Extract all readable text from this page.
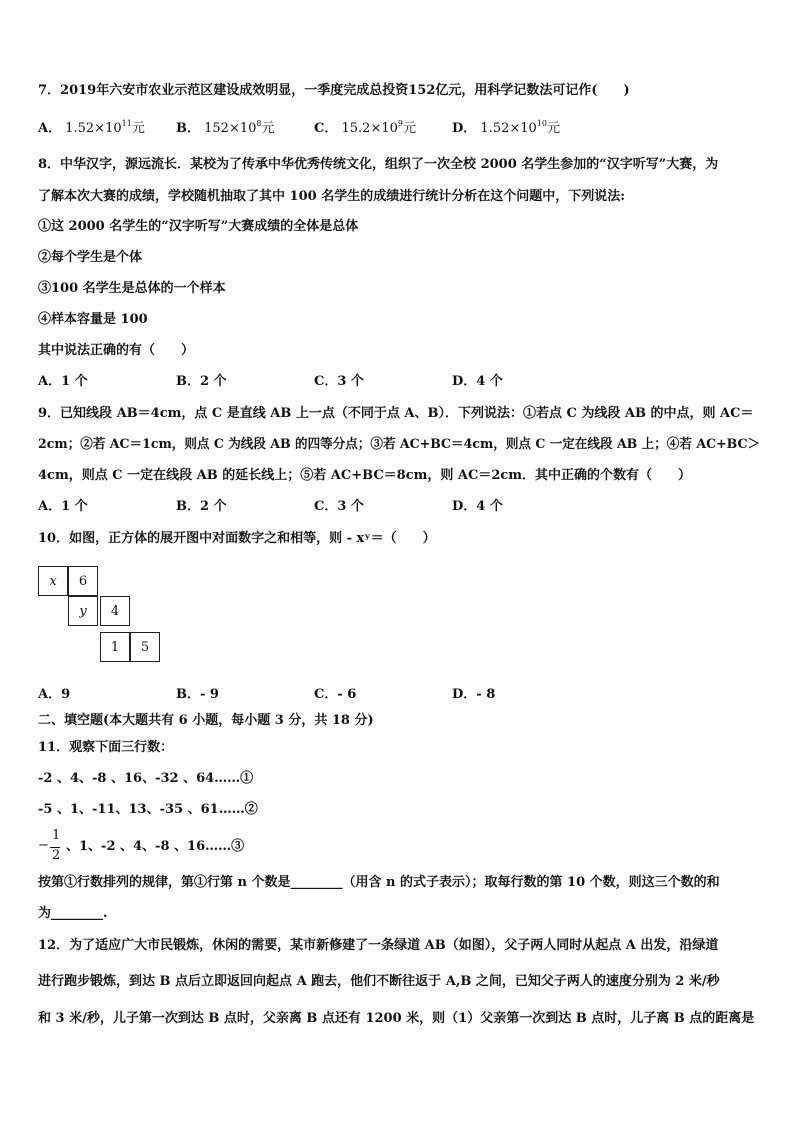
7．2019年六安市农业示范区建设成效明显，一季度完成总投资152亿元，用科学记数法可记作(　　)
A． $1.52\times 10^{11}$元 B． $152\times 10^8$元	C． $15.2\times 10^9$元	D． $1.52\times 10^{10}$元
8．中华汉字，源远流长．某校为了传承中华优秀传统文化，组织了一次全校 2000 名学生参加的“汉字听写”大赛，为
了解本次大赛的成绩，学校随机抽取了其中 100 名学生的成绩进行统计分析在这个问题中，下列说法:
①这 2000 名学生的“汉字听写”大赛成绩的全体是总体
②每个学生是个体
③100 名学生是总体的一个样本
④样本容量是 100
其中说法正确的有（　　）
A．1 个	B．2 个	C．3 个	D．4 个
9．已知线段 AB＝4cm，点 C 是直线 AB 上一点（不同于点 A、B）．下列说法：①若点 C 为线段 AB 的中点，则 AC＝
2cm；②若 AC＝1cm，则点 C 为线段 AB 的四等分点；③若 AC+BC＝4cm，则点 C 一定在线段 AB 上；④若 AC+BC＞
4cm，则点 C 一定在线段 AB 的延长线上；⑤若 AC+BC＝8cm，则 AC＝2cm．其中正确的个数有（　　）
A．1 个	B．2 个	C．3 个	D．4 个
10．如图，正方体的展开图中对面数字之和相等，则 - xʸ＝（　　）
x	6
y	4
1	5
A．9	B．- 9	C．- 6	D．- 8
二、填空题(本大题共有 6 小题，每小题 3 分，共 18 分)
11．观察下面三行数：
-2 、4、-8 、16、-32 、64……①
-5 、1、-11、13、-35 、61……②
−
1
2
、1、-2 、4、-8 、16……③
按第①行数排列的规律，第①行第 n 个数是________（用含 n 的式子表示）；取每行数的第 10 个数，则这三个数的和
为________.
12．为了适应广大市民锻炼，休闲的需要，某市新修建了一条绿道 AB（如图），父子两人同时从起点 A 出发，沿绿道
进行跑步锻炼，到达 B 点后立即返回向起点 A 跑去，他们不断往返于 A,B 之间，已知父子两人的速度分别为 2 米/秒
和 3 米/秒，儿子第一次到达 B 点时，父亲离 B 点还有 1200 米，则（1）父亲第一次到达 B 点时，儿子离 B 点的距离是
